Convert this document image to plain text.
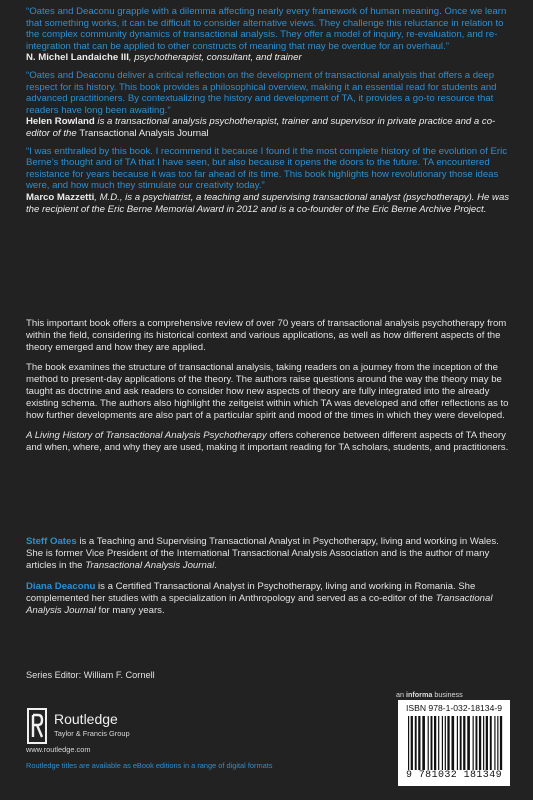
“Oates and Deaconu grapple with a dilemma affecting nearly every framework of human meaning. Once we learn that something works, it can be difficult to consider alternative views. They challenge this reluctance in relation to the complex community dynamics of transactional analysis. They offer a model of inquiry, re-evaluation, and re-integration that can be applied to other constructs of meaning that may be overdue for an overhaul.”

N. Michel Landaiche III, psychotherapist, consultant, and trainer

“Oates and Deaconu deliver a critical reflection on the development of transactional analysis that offers a deep respect for its history. This book provides a philosophical overview, making it an essential read for students and advanced practitioners. By contextualizing the history and development of TA, it provides a go-to resource that readers have long been awaiting.”

Helen Rowland is a transactional analysis psychotherapist, trainer and supervisor in private practice and a co-editor of the Transactional Analysis Journal

“I was enthralled by this book. I recommend it because I found it the most complete history of the evolution of Eric Berne’s thought and of TA that I have seen, but also because it opens the doors to the future. TA encountered resistance for years because it was too far ahead of its time. This book highlights how revolutionary those ideas were, and how much they stimulate our creativity today.”

Marco Mazzetti, M.D., is a psychiatrist, a teaching and supervising transactional analyst (psychotherapy). He was the recipient of the Eric Berne Memorial Award in 2012 and is a co-founder of the Eric Berne Archive Project.

This important book offers a comprehensive review of over 70 years of transactional analysis psychotherapy from within the field, considering its historical context and various applications, as well as how different aspects of the theory emerged and how they are applied.

The book examines the structure of transactional analysis, taking readers on a journey from the inception of the method to present-day applications of the theory. The authors raise questions around the way the theory may be taught as doctrine and ask readers to consider how new aspects of theory are fully integrated into the already existing schema. The authors also highlight the zeitgeist within which TA was developed and offer reflections as to how further developments are also part of a particular spirit and mood of the times in which they were developed.

A Living History of Transactional Analysis Psychotherapy offers coherence between different aspects of TA theory and when, where, and why they are used, making it important reading for TA scholars, students, and practitioners.

Steff Oates is a Teaching and Supervising Transactional Analyst in Psychotherapy, living and working in Wales. She is former Vice President of the International Transactional Analysis Association and is the author of many articles in the Transactional Analysis Journal.

Diana Deaconu is a Certified Transactional Analyst in Psychotherapy, living and working in Romania. She complemented her studies with a specialization in Anthropology and served as a co-editor of the Transactional Analysis Journal for many years.

Series Editor: William F. Cornell
Routledge
Taylor & Francis Group
www.routledge.com
Routledge titles are available as eBook editions in a range of digital formats
an informa business
ISBN 978-1-032-18134-9
9 781032 181349
